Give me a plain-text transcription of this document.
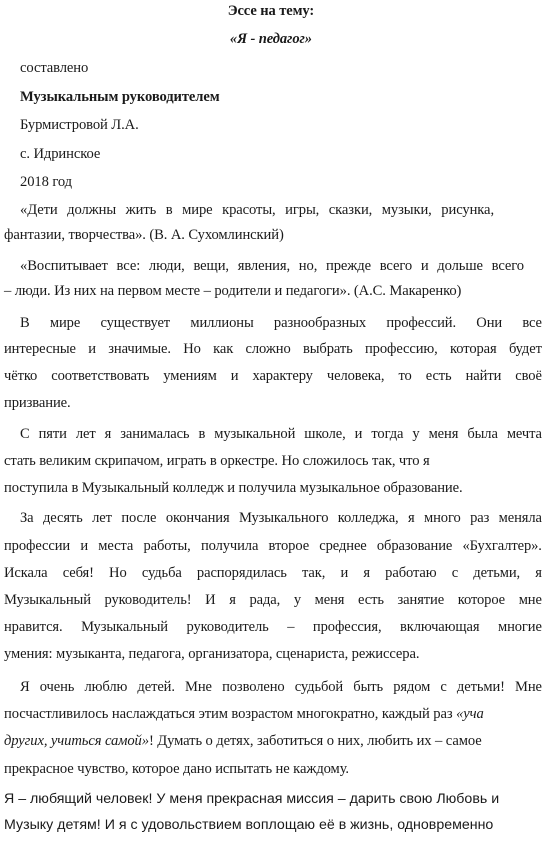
Эссе на тему:
«Я - педагог»
составлено
Музыкальным руководителем
Бурмистровой Л.А.
с. Идринское
2018 год
«Дети должны жить в мире красоты, игры, сказки, музыки, рисунка,
фантазии, творчества». (В. А. Сухомлинский)
«Воспитывает все: люди, вещи, явления, но, прежде всего и дольше всего
– люди. Из них на первом месте – родители и педагоги». (А.С. Макаренко)
В мире существует миллионы разнообразных профессий. Они все
интересные и значимые. Но как сложно выбрать профессию, которая будет
чётко соответствовать умениям и характеру человека, то есть найти своё
призвание.
С пяти лет я занималась в музыкальной школе, и тогда у меня была мечта
стать великим скрипачом, играть в оркестре. Но сложилось так, что я
поступила в Музыкальный колледж и получила музыкальное образование.
За десять лет после окончания Музыкального колледжа, я много раз меняла
профессии и места работы, получила второе среднее образование «Бухгалтер».
Искала себя! Но судьба распорядилась так, и я работаю с детьми, я
Музыкальный руководитель! И я рада, у меня есть занятие которое мне
нравится. Музыкальный руководитель – профессия, включающая многие
умения: музыканта, педагога, организатора, сценариста, режиссера.
Я очень люблю детей. Мне позволено судьбой быть рядом с детьми! Мне
посчастливилось наслаждаться этим возрастом многократно, каждый раз «уча
других, учиться самой»! Думать о детях, заботиться о них, любить их – самое
прекрасное чувство, которое дано испытать не каждому.
Я – любящий человек! У меня прекрасная миссия – дарить свою Любовь и
Музыку детям! И я с удовольствием воплощаю её в жизнь, одновременно
